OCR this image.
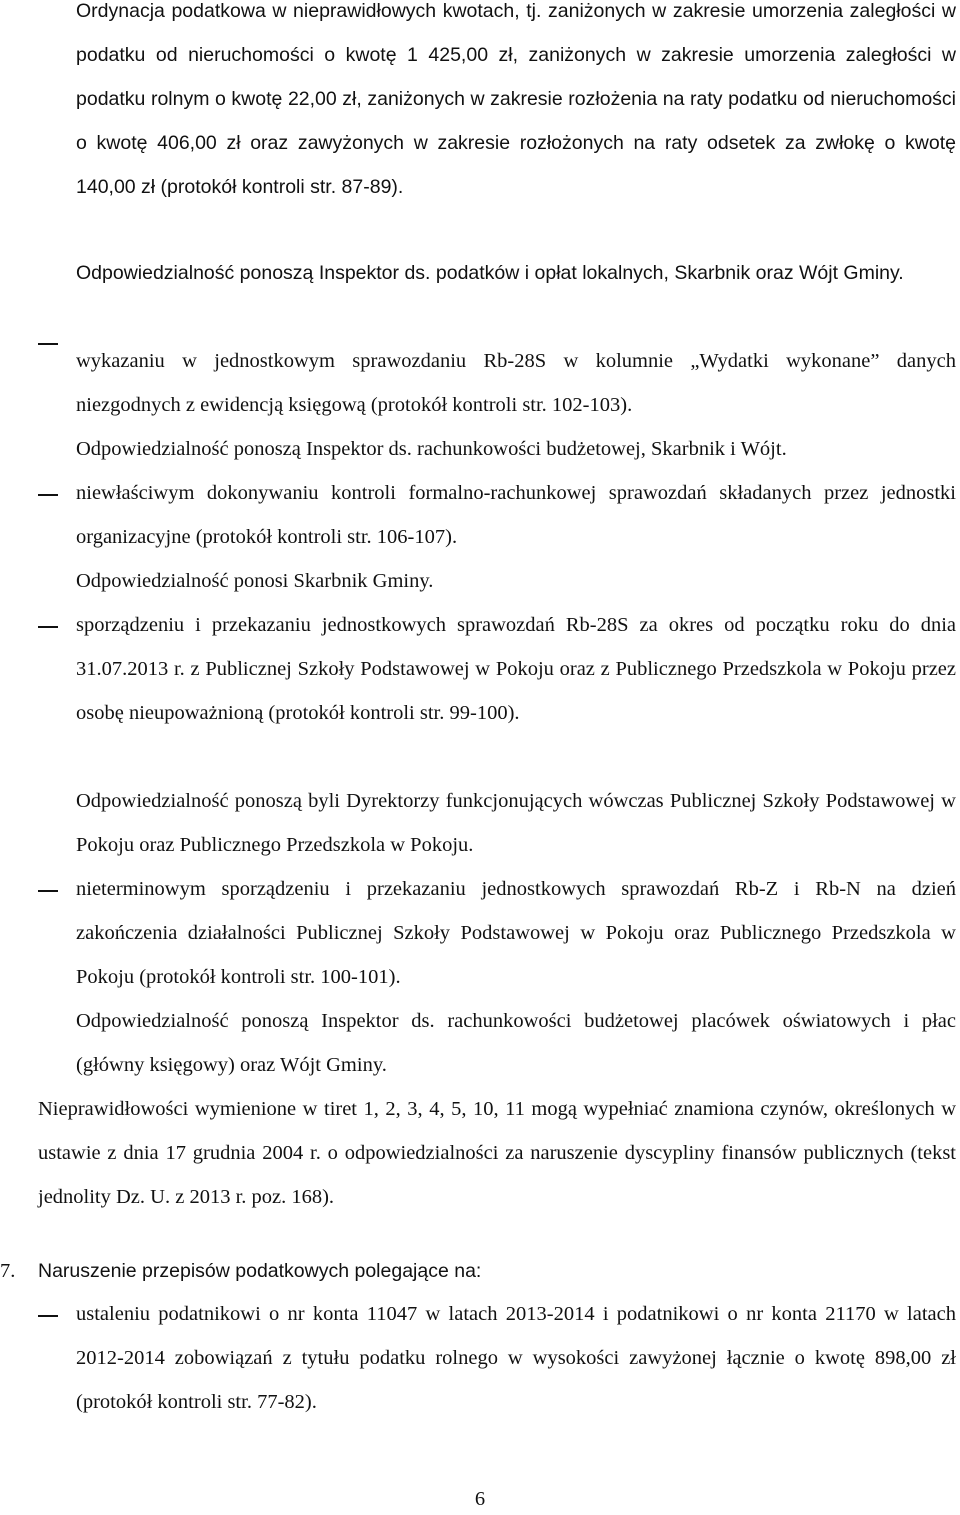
Ordynacja podatkowa w nieprawidłowych kwotach, tj. zaniżonych w zakresie umorzenia zaległości w podatku od nieruchomości o kwotę 1 425,00 zł, zaniżonych w zakresie umorzenia zaległości w podatku rolnym o kwotę 22,00 zł, zaniżonych w zakresie rozłożenia na raty podatku od nieruchomości o kwotę 406,00 zł oraz zawyżonych w zakresie rozłożonych na raty odsetek za zwłokę o kwotę 140,00 zł (protokół kontroli str. 87-89).

Odpowiedzialność ponoszą Inspektor ds. podatków i opłat lokalnych, Skarbnik oraz Wójt Gminy.

wykazaniu w jednostkowym sprawozdaniu Rb-28S w kolumnie „Wydatki wykonane” danych niezgodnych z ewidencją księgową (protokół kontroli str. 102-103).

Odpowiedzialność ponoszą Inspektor ds. rachunkowości budżetowej, Skarbnik i Wójt.

niewłaściwym dokonywaniu kontroli formalno-rachunkowej sprawozdań składanych przez jednostki organizacyjne (protokół kontroli str. 106-107).

Odpowiedzialność ponosi Skarbnik Gminy.

sporządzeniu i przekazaniu jednostkowych sprawozdań Rb-28S za okres od początku roku do dnia 31.07.2013 r. z Publicznej Szkoły Podstawowej w Pokoju oraz z Publicznego Przedszkola w Pokoju przez osobę nieupoważnioną (protokół kontroli str. 99-100).

Odpowiedzialność ponoszą byli Dyrektorzy funkcjonujących wówczas Publicznej Szkoły Podstawowej w Pokoju oraz Publicznego Przedszkola w Pokoju.

nieterminowym sporządzeniu i przekazaniu jednostkowych sprawozdań Rb-Z i Rb-N na dzień zakończenia działalności Publicznej Szkoły Podstawowej w Pokoju oraz Publicznego Przedszkola w Pokoju (protokół kontroli str. 100-101).

Odpowiedzialność ponoszą Inspektor ds. rachunkowości budżetowej placówek oświatowych i płac (główny księgowy) oraz Wójt Gminy.

Nieprawidłowości wymienione w tiret 1, 2, 3, 4, 5, 10, 11 mogą wypełniać znamiona czynów, określonych w ustawie z dnia 17 grudnia 2004 r. o odpowiedzialności za naruszenie dyscypliny finansów publicznych (tekst jednolity Dz. U. z 2013 r. poz. 168).

7. Naruszenie przepisów podatkowych polegające na:

ustaleniu podatnikowi o nr konta 11047 w latach 2013-2014 i podatnikowi o nr konta 21170 w latach 2012-2014 zobowiązań z tytułu podatku rolnego w wysokości zawyżonej łącznie o kwotę 898,00 zł (protokół kontroli str. 77-82).

6
